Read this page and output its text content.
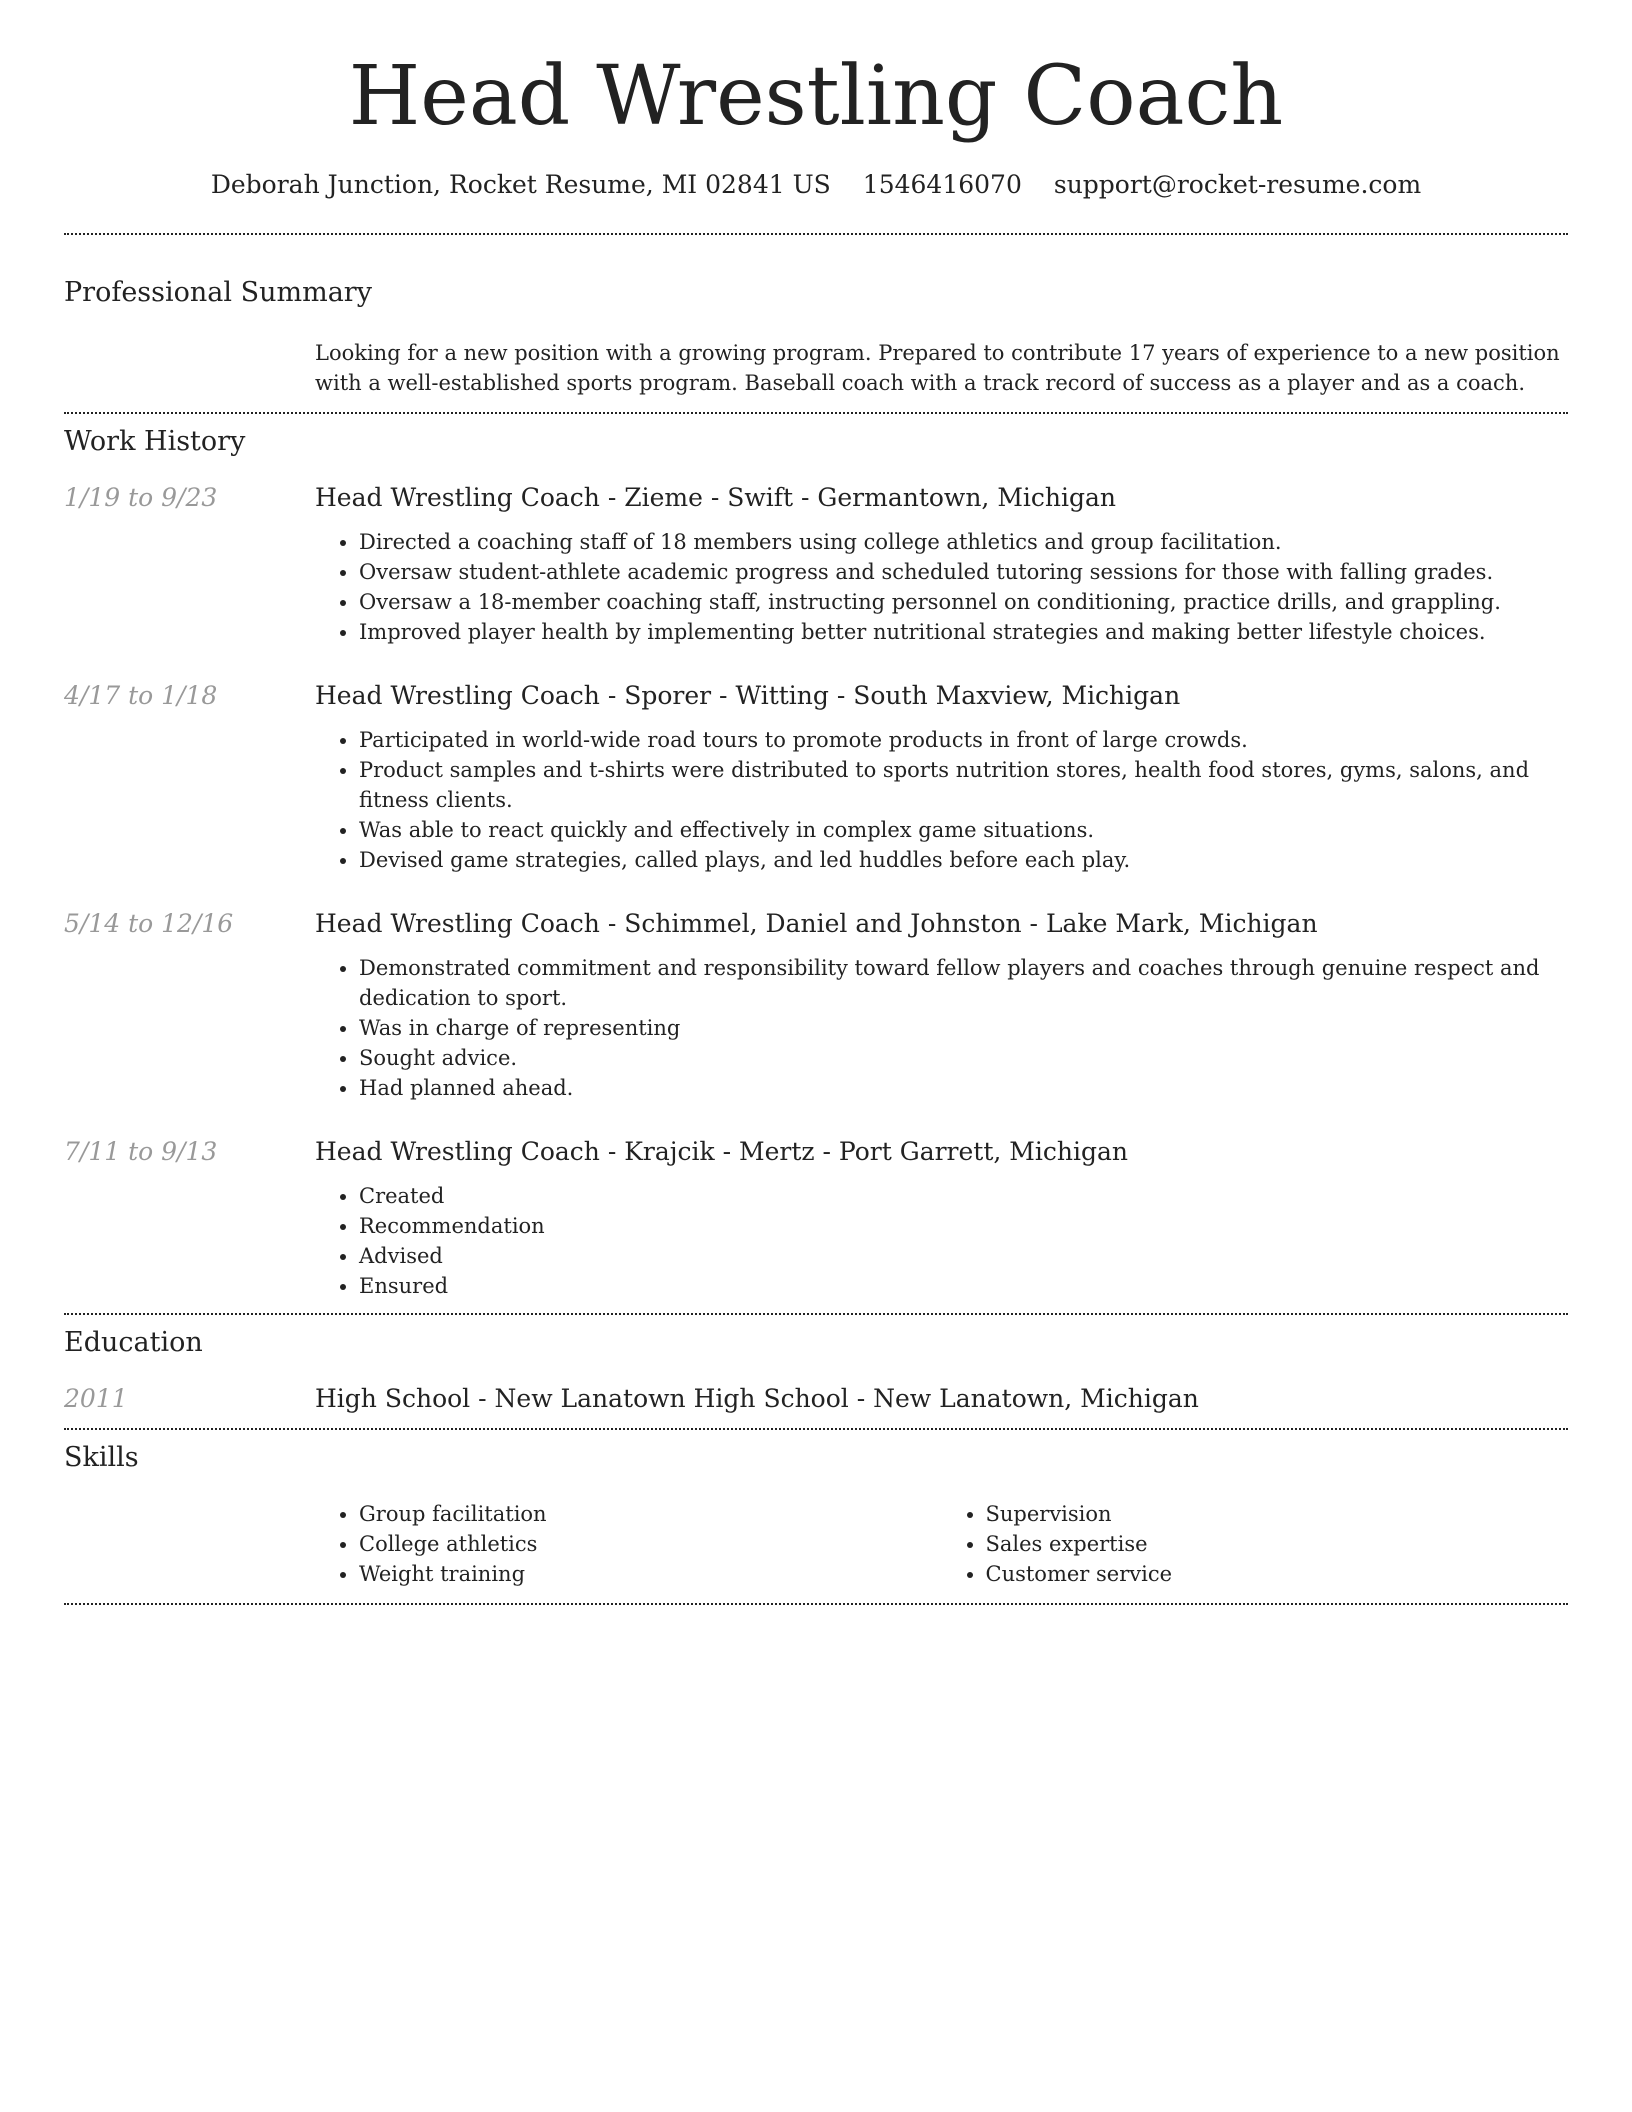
Head Wrestling Coach
Deborah Junction, Rocket Resume, MI 02841 US 1546416070 support@rocket-resume.com
Professional Summary

Looking for a new position with a growing program. Prepared to contribute 17 years of experience to a new position with a well-established sports program. Baseball coach with a track record of success as a player and as a coach.

Work History
1/19 to 9/23	Head Wrestling Coach - Zieme - Swift - Germantown, Michigan
• Directed a coaching staff of 18 members using college athletics and group facilitation.
• Oversaw student-athlete academic progress and scheduled tutoring sessions for those with falling grades.
• Oversaw a 18-member coaching staff, instructing personnel on conditioning, practice drills, and grappling.
• Improved player health by implementing better nutritional strategies and making better lifestyle choices.
4/17 to 1/18	Head Wrestling Coach - Sporer - Witting - South Maxview, Michigan
• Participated in world-wide road tours to promote products in front of large crowds.
• Product samples and t-shirts were distributed to sports nutrition stores, health food stores, gyms, salons, and fitness clients.
• Was able to react quickly and effectively in complex game situations.
• Devised game strategies, called plays, and led huddles before each play.
5/14 to 12/16	Head Wrestling Coach - Schimmel, Daniel and Johnston - Lake Mark, Michigan
• Demonstrated commitment and responsibility toward fellow players and coaches through genuine respect and dedication to sport.
• Was in charge of representing
• Sought advice.
• Had planned ahead.
7/11 to 9/13	Head Wrestling Coach - Krajcik - Mertz - Port Garrett, Michigan
• Created
• Recommendation
• Advised
• Ensured
Education
2011	High School - New Lanatown High School - New Lanatown, Michigan
Skills
• Group facilitation
• College athletics
• Weight training
• Supervision
• Sales expertise
• Customer service
